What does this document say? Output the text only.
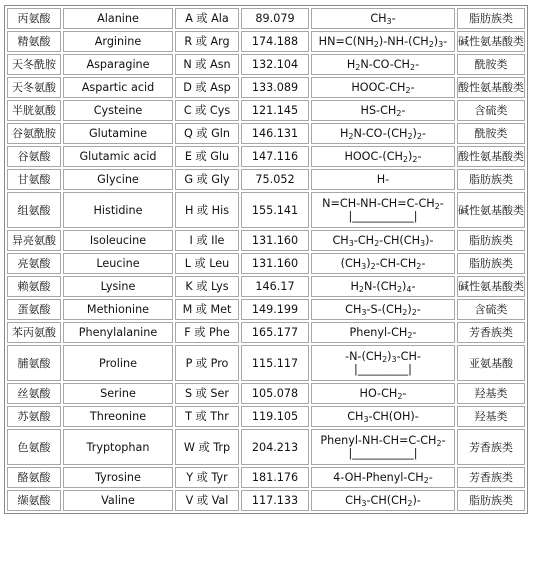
丙氨酸	Alanine	A 或 Ala	89.079	$CH_3-$	脂肪族类
精氨酸	Arginine	R 或 Arg	174.188	$HN=C(NH_2)-NH-(CH_2)_3-$	碱性氨基酸类
天冬酰胺	Asparagine	N 或 Asn	132.104	$H_2N-CO-CH_2-$	酰胺类
天冬氨酸	Aspartic acid	D 或 Asp	133.089	HOOC-$CH_2-$	酸性氨基酸类
半胱氨酸	Cysteine	C 或 Cys	121.145	$HS-CH_2-$	含硫类
谷氨酰胺	Glutamine	Q 或 Gln	146.131	$H_2N-CO-(CH_2)_2-$	酰胺类
谷氨酸	Glutamic acid	E 或 Glu	147.116	HOOC-$(CH_2)_2-$	酸性氨基酸类
甘氨酸	Glycine	G 或 Gly	75.052	H-	脂肪族类
组氨酸	Histidine	H 或 His	155.141	$N=CH-NH-CH=C-CH_2-$
|___________|	碱性氨基酸类
异亮氨酸	Isoleucine	I 或 Ile	131.160	$CH_3-CH_2-CH(CH_3)-$	脂肪族类
亮氨酸	Leucine	L 或 Leu	131.160	$(CH_3)_2-CH-CH_2-$	脂肪族类
赖氨酸	Lysine	K 或 Lys	146.17	$H_2N-(CH_2)_4-$	碱性氨基酸类
蛋氨酸	Methionine	M 或 Met	149.199	$CH_3-S-(CH_2)_2-$	含硫类
苯丙氨酸	Phenylalanine	F 或 Phe	165.177	Phenyl-$CH_2-$	芳香族类
脯氨酸	Proline	P 或 Pro	115.117	$-N-(CH_2)_3-CH-$
|_________|	亚氨基酸
丝氨酸	Serine	S 或 Ser	105.078	$HO-CH_2-$	羟基类
苏氨酸	Threonine	T 或 Thr	119.105	$CH_3-CH(OH)-$	羟基类
色氨酸	Tryptophan	W 或 Trp	204.213	Phenyl-$NH-CH=C-CH_2-$
|___________|	芳香族类
酪氨酸	Tyrosine	Y 或 Tyr	181.176	$4-OH-Phenyl-CH_2-$	芳香族类
缬氨酸	Valine	V 或 Val	117.133	$CH_3-CH(CH_2)-$	脂肪族类
